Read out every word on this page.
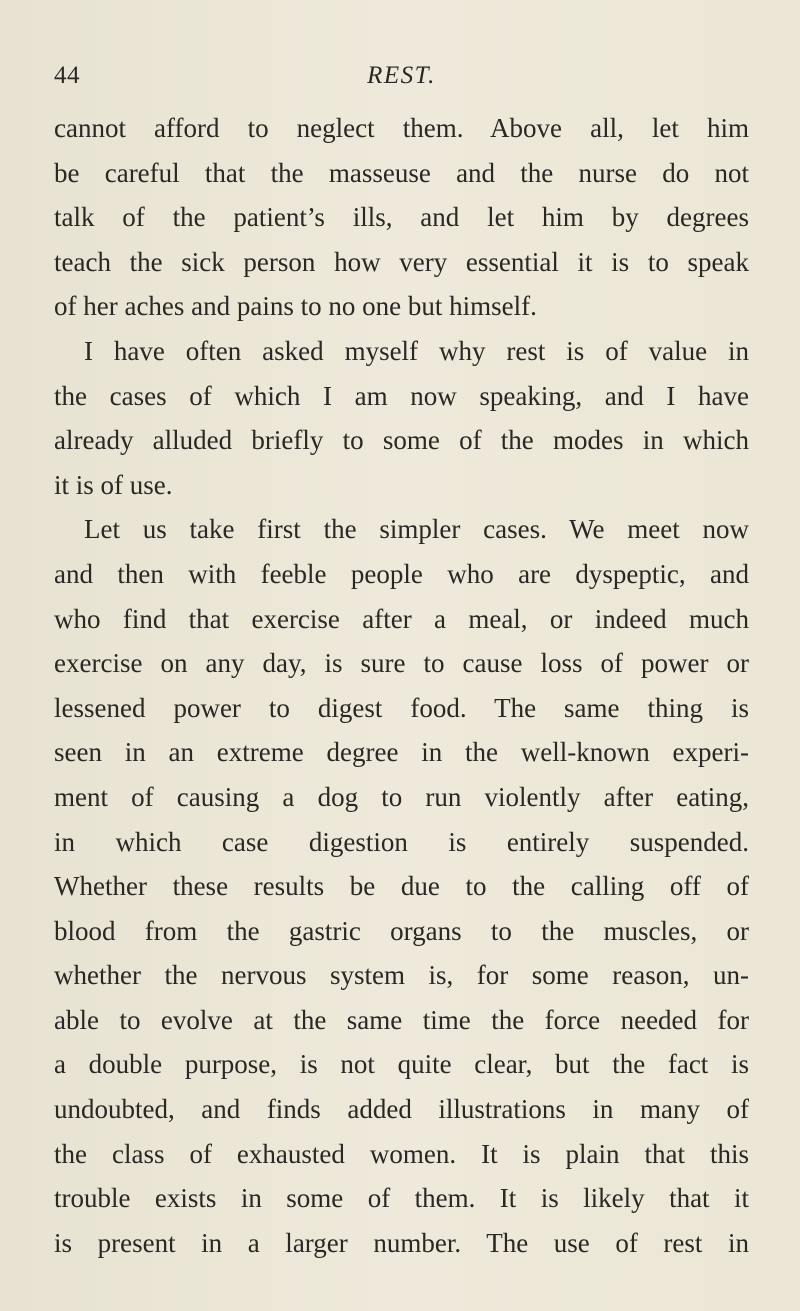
44	REST.
cannot afford to neglect them. Above all, let him
be careful that the masseuse and the nurse do not
talk of the patient’s ills, and let him by degrees
teach the sick person how very essential it is to speak
of her aches and pains to no one but himself.
I have often asked myself why rest is of value in
the cases of which I am now speaking, and I have
already alluded briefly to some of the modes in which
it is of use.
Let us take first the simpler cases. We meet now
and then with feeble people who are dyspeptic, and
who find that exercise after a meal, or indeed much
exercise on any day, is sure to cause loss of power or
lessened power to digest food. The same thing is
seen in an extreme degree in the well-known experi-
ment of causing a dog to run violently after eating,
in which case digestion is entirely suspended.
Whether these results be due to the calling off of
blood from the gastric organs to the muscles, or
whether the nervous system is, for some reason, un-
able to evolve at the same time the force needed for
a double purpose, is not quite clear, but the fact is
undoubted, and finds added illustrations in many of
the class of exhausted women. It is plain that this
trouble exists in some of them. It is likely that it
is present in a larger number. The use of rest in
